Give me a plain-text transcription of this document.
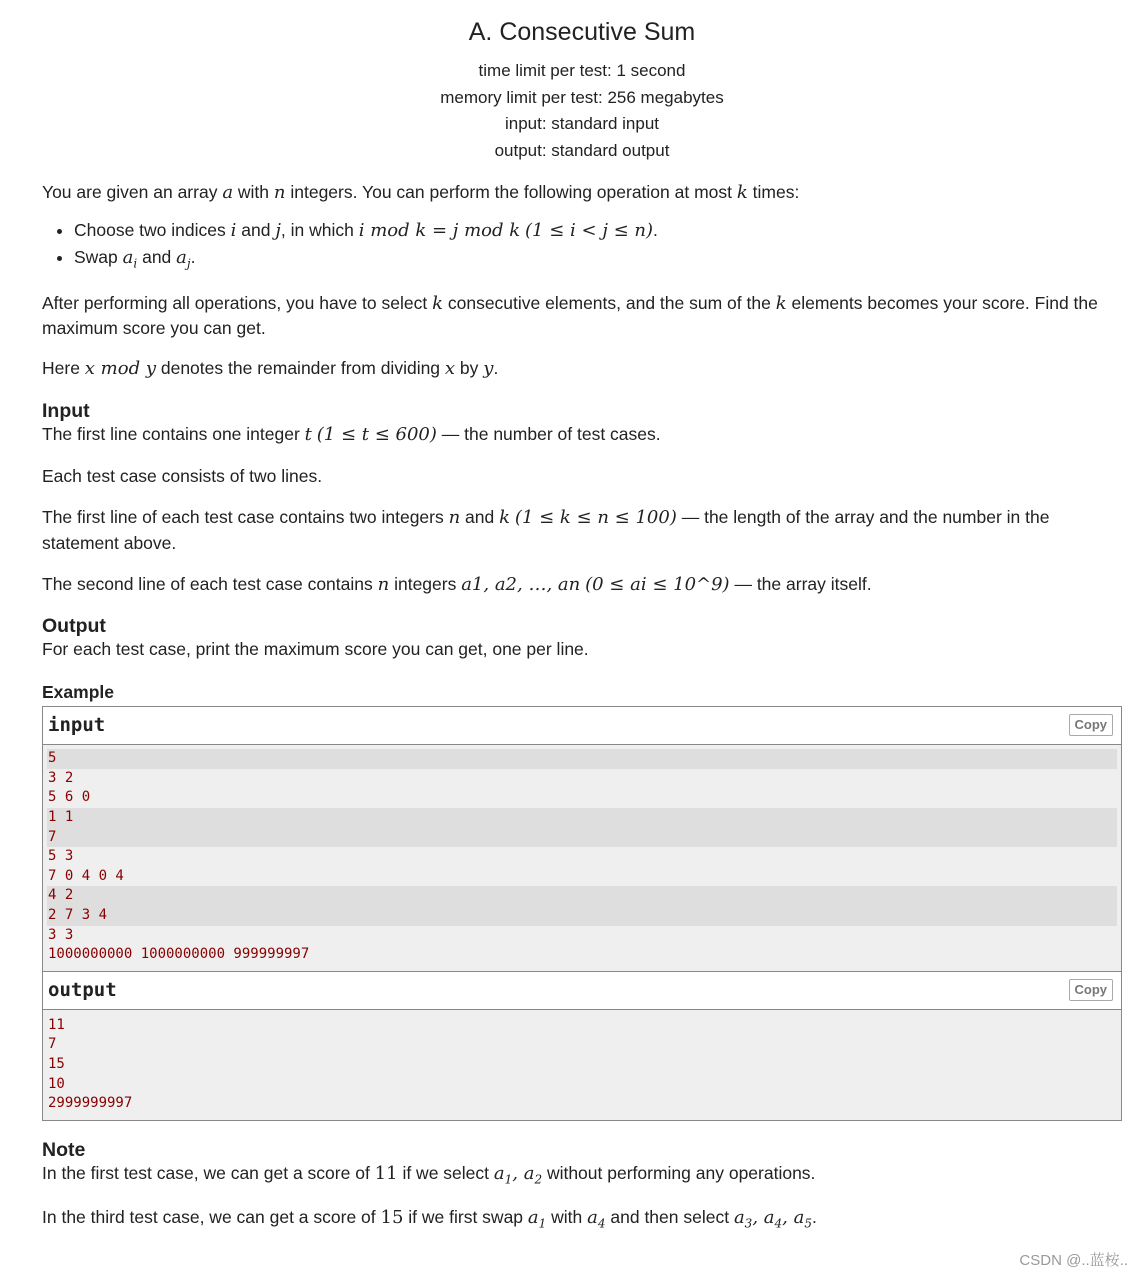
A. Consecutive Sum
time limit per test: 1 second
memory limit per test: 256 megabytes
input: standard input
output: standard output

You are given an array a with n integers. You can perform the following operation at most k times:

• Choose two indices i and j, in which i mod k = j mod k (1 ≤ i < j ≤ n).
• Swap $a_i$ and $a_j$.

After performing all operations, you have to select k consecutive elements, and the sum of the k elements becomes your score. Find the maximum score you can get.

Here x mod y denotes the remainder from dividing x by y.

Input

The first line contains one integer t (1 ≤ t ≤ 600) — the number of test cases.

Each test case consists of two lines.

The first line of each test case contains two integers n and k (1 ≤ k ≤ n ≤ 100) — the length of the array and the number in the statement above.

The second line of each test case contains n integers a1, a2, …, an (0 ≤ ai ≤ 10^9) — the array itself.

Output

For each test case, print the maximum score you can get, one per line.

Example
input	Copy
5
3 2
5 6 0
1 1
7
5 3
7 0 4 0 4
4 2
2 7 3 4
3 3
1000000000 1000000000 999999997
output	Copy
11
7
15
10
2999999997
Note

In the first test case, we can get a score of 11 if we select $a_1$, $a_2$ without performing any operations.

In the third test case, we can get a score of 15 if we first swap $a_1$ with $a_4$ and then select $a_3$, $a_4$, $a_5$.

CSDN @..蓝桉..
